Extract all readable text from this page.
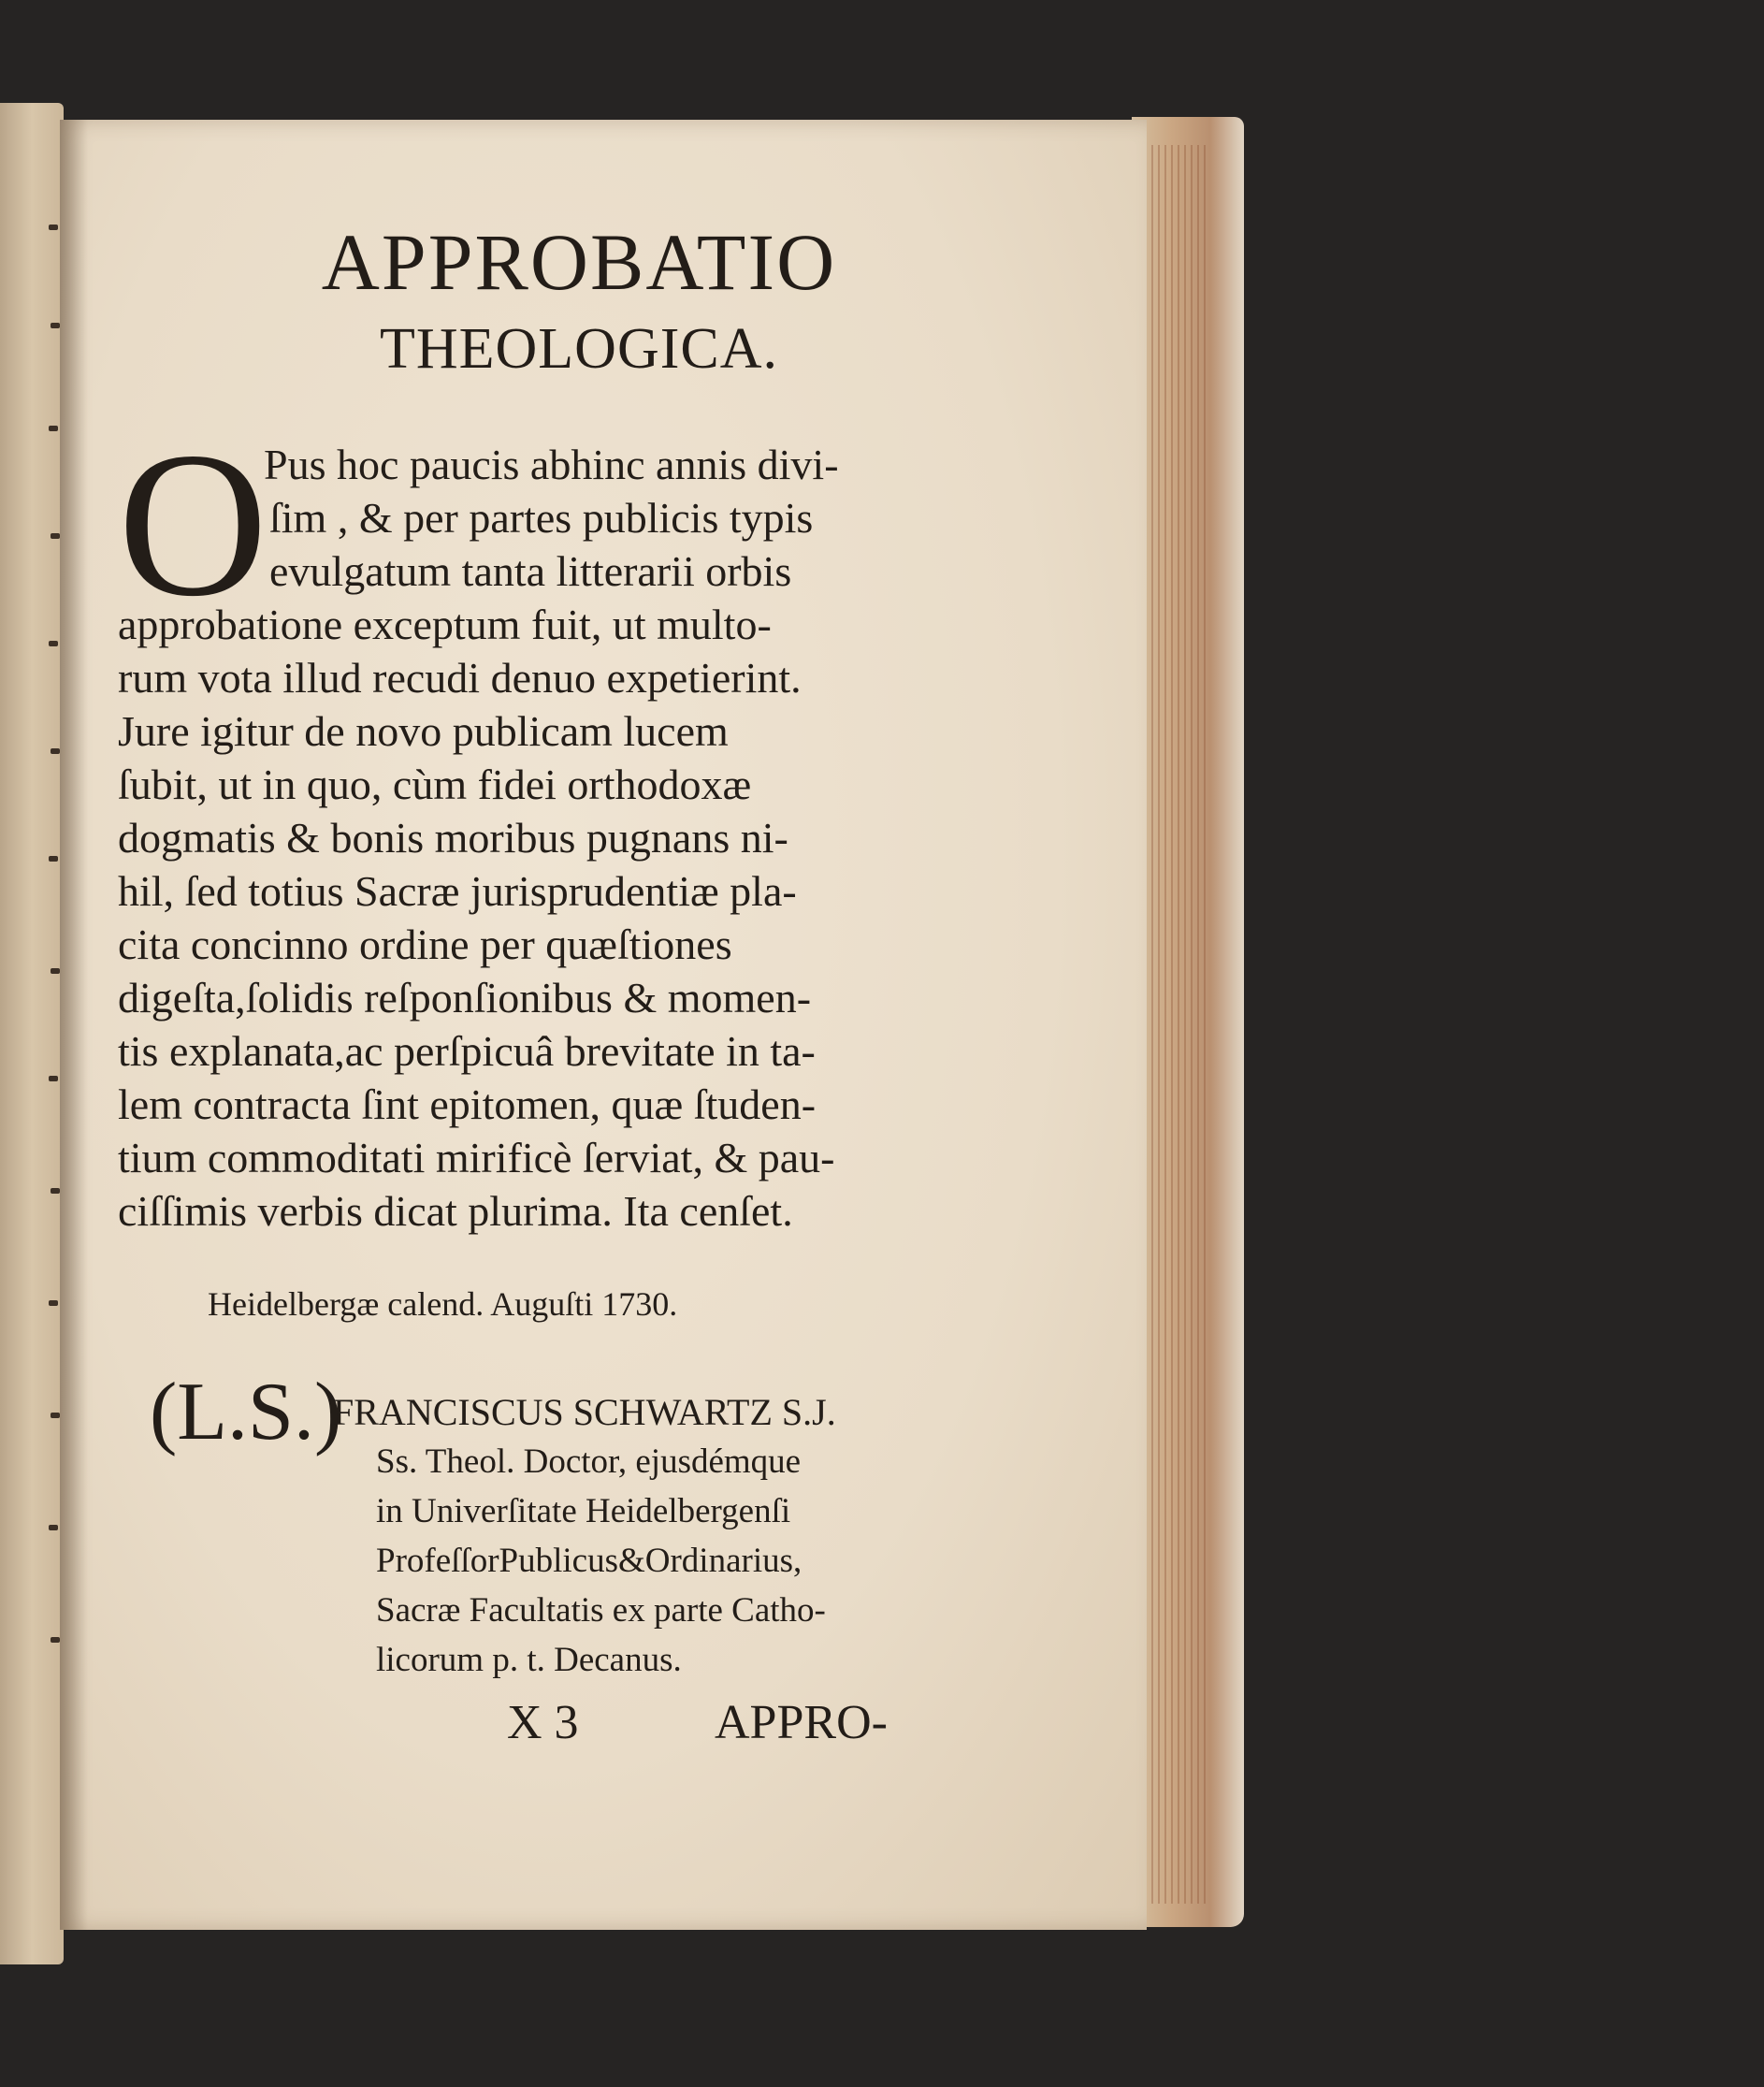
APPROBATIO
THEOLOGICA.
O
Pus hoc paucis abhinc annis divi-
ſim , & per partes publicis typis
evulgatum tanta litterarii orbis
approbatione exceptum fuit, ut multo-
rum vota illud recudi denuo expetierint.
Jure igitur de novo publicam lucem
ſubit, ut in quo, cùm fidei orthodoxæ
dogmatis & bonis moribus pugnans ni-
hil, ſed totius Sacræ jurisprudentiæ pla-
cita concinno ordine per quæſtiones
digeſta,ſolidis reſponſionibus & momen-
tis explanata,ac perſpicuâ brevitate in ta-
lem contracta ſint epitomen, quæ ſtuden-
tium commoditati mirificè ſerviat, & pau-
ciſſimis verbis dicat plurima. Ita cenſet.
Heidelbergæ calend. Auguſti 1730.
(L.S.)
FRANCISCUS SCHWARTZ S.J.
Ss. Theol. Doctor, ejusdémque
in Univerſitate Heidelbergenſi
ProfeſſorPublicus&Ordinarius,
Sacræ Facultatis ex parte Catho-
licorum p. t. Decanus.
X 3	APPRO-
